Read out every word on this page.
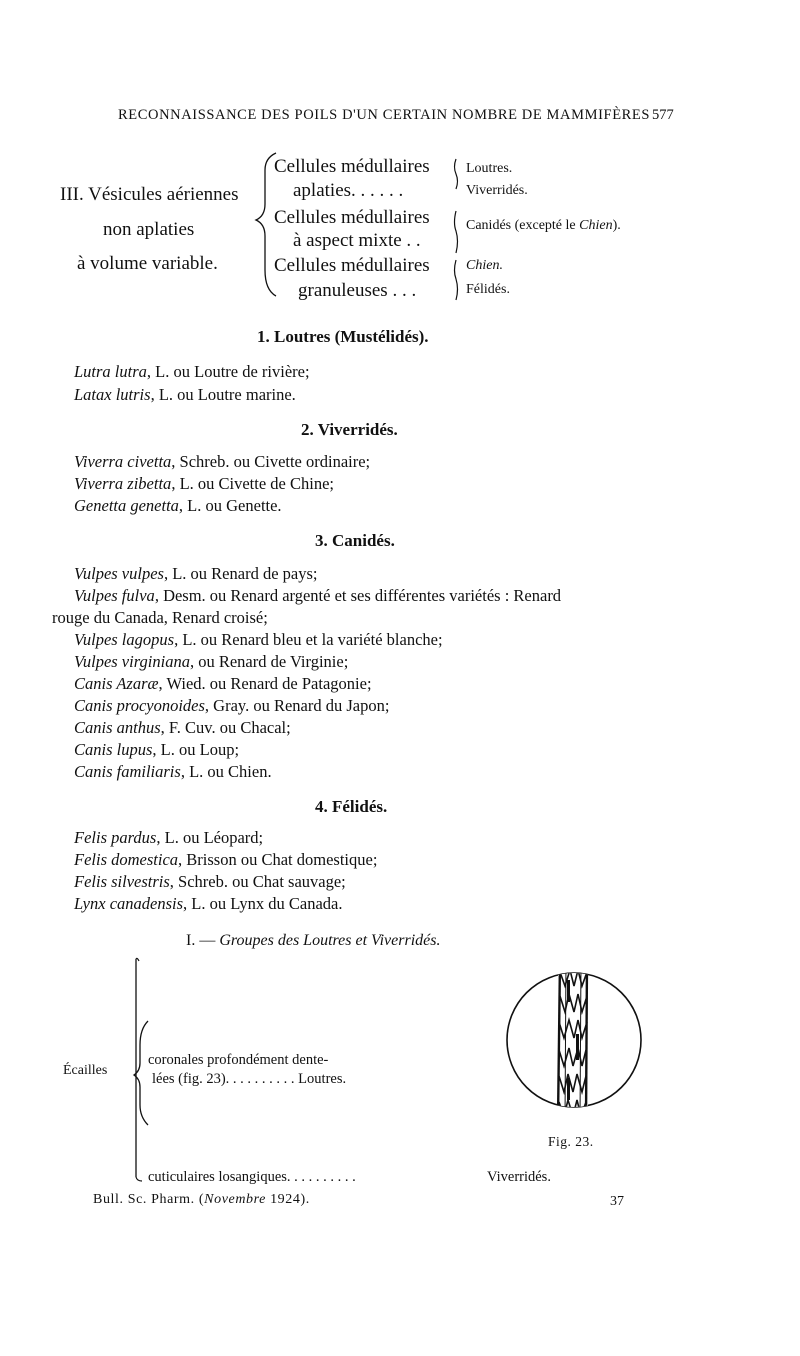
RECONNAISSANCE DES POILS D'UN CERTAIN NOMBRE DE MAMMIFÈRES 577
III. Vésicules aériennes
non aplaties
à volume variable.
Cellules médullaires
aplaties. . . . . .
Cellules médullaires
à aspect mixte . .
Cellules médullaires
granuleuses . . .
Loutres.
Viverridés.
Canidés (excepté le Chien).
Chien.
Félidés.
1. Loutres (Mustélidés).
Lutra lutra, L. ou Loutre de rivière;
Latax lutris, L. ou Loutre marine.
2. Viverridés.
Viverra civetta, Schreb. ou Civette ordinaire;
Viverra zibetta, L. ou Civette de Chine;
Genetta genetta, L. ou Genette.
3. Canidés.
Vulpes vulpes, L. ou Renard de pays;
Vulpes fulva, Desm. ou Renard argenté et ses différentes variétés : Renard
rouge du Canada, Renard croisé;
Vulpes lagopus, L. ou Renard bleu et la variété blanche;
Vulpes virginiana, ou Renard de Virginie;
Canis Azaræ, Wied. ou Renard de Patagonie;
Canis procyonoides, Gray. ou Renard du Japon;
Canis anthus, F. Cuv. ou Chacal;
Canis lupus, L. ou Loup;
Canis familiaris, L. ou Chien.
4. Félidés.
Felis pardus, L. ou Léopard;
Felis domestica, Brisson ou Chat domestique;
Felis silvestris, Schreb. ou Chat sauvage;
Lynx canadensis, L. ou Lynx du Canada.
I. — Groupes des Loutres et Viverridés.
Écailles
coronales profondément dente-
lées (fig. 23). . . . . . . . . . Loutres.
cuticulaires losangiques. . . . . . . . . .	Viverridés.
Fig. 23.
Bull. Sc. Pharm. (Novembre 1924).	37
